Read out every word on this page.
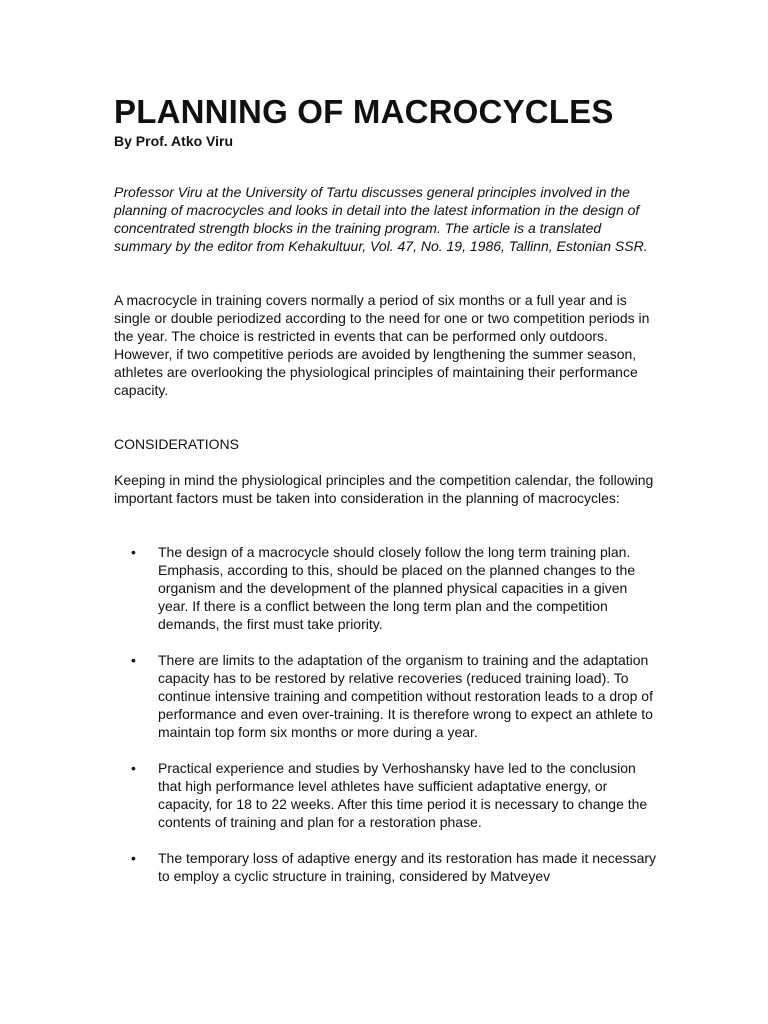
PLANNING OF MACROCYCLES

By Prof. Atko Viru

Professor Viru at the University of Tartu discusses general principles involved in the planning of macrocycles and looks in detail into the latest information in the design of concentrated strength blocks in the training program. The article is a translated summary by the editor from Kehakultuur, Vol. 47, No. 19, 1986, Tallinn, Estonian SSR.

A macrocycle in training covers normally a period of six months or a full year and is single or double periodized according to the need for one or two competition periods in the year. The choice is restricted in events that can be performed only outdoors. However, if two competitive periods are avoided by lengthening the summer season, athletes are overlooking the physiological principles of maintaining their performance capacity.

CONSIDERATIONS

Keeping in mind the physiological principles and the competition calendar, the following important factors must be taken into consideration in the planning of macrocycles:

• The design of a macrocycle should closely follow the long term training plan. Emphasis, according to this, should be placed on the planned changes to the organism and the development of the planned physical capacities in a given year. If there is a conflict between the long term plan and the competition demands, the first must take priority.
• There are limits to the adaptation of the organism to training and the adaptation capacity has to be restored by relative recoveries (reduced training load). To continue intensive training and competition without restoration leads to a drop of performance and even over-training. It is therefore wrong to expect an athlete to maintain top form six months or more during a year.
• Practical experience and studies by Verhoshansky have led to the conclusion that high performance level athletes have sufficient adaptative energy, or capacity, for 18 to 22 weeks. After this time period it is necessary to change the contents of training and plan for a restoration phase.
• The temporary loss of adaptive energy and its restoration has made it necessary to employ a cyclic structure in training, considered by Matveyev
